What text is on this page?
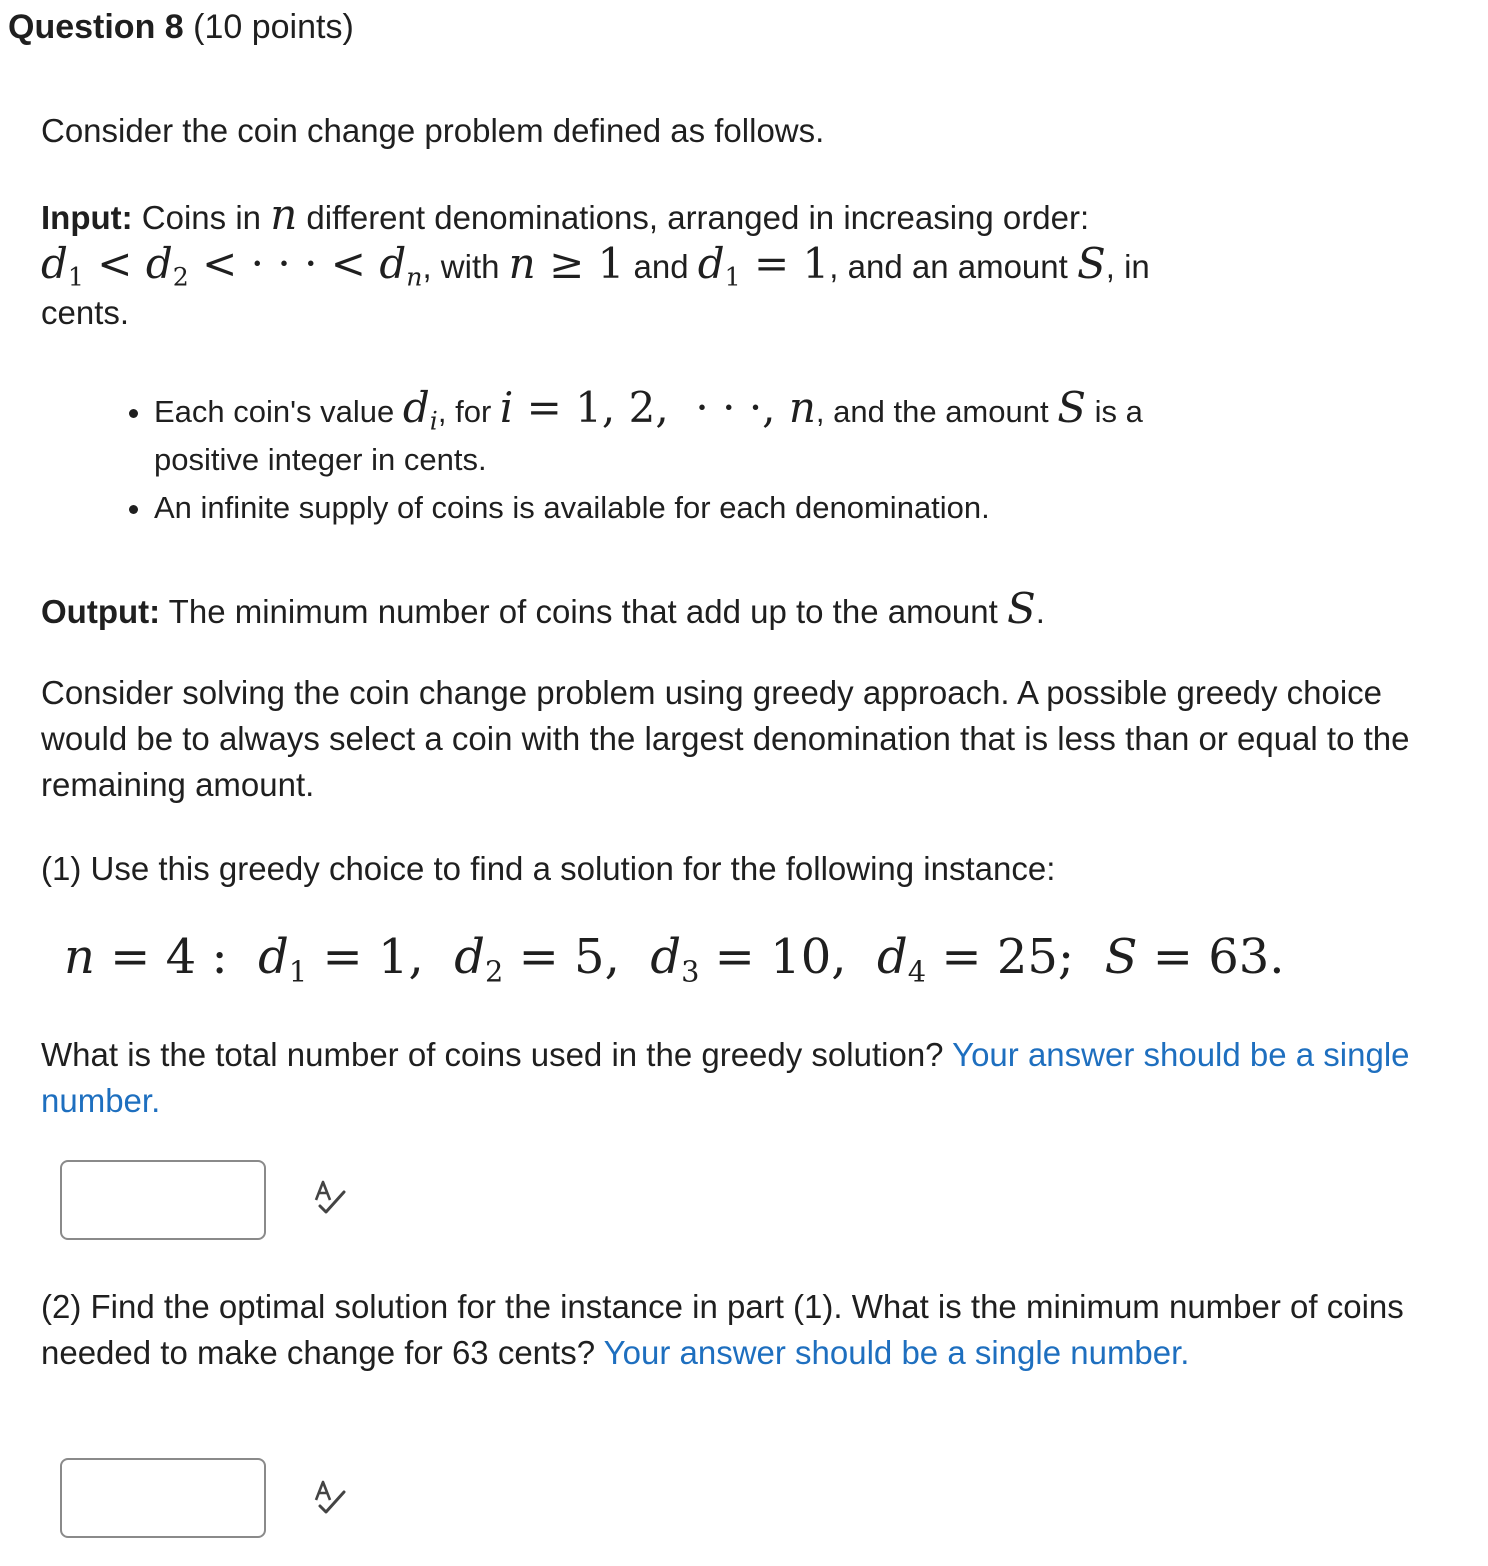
Question 8 (10 points)
Consider the coin change problem defined as follows.
Input: Coins in n different denominations, arranged in increasing order:
$d_1 < d_2$ < · · · < $d_n$, with n ≥ 1 and $d_1 = 1$, and an amount S, in
cents.
• Each coin's value $d_i$, for i = 1, 2,  · · ·, n, and the amount S is a
positive integer in cents.
• An infinite supply of coins is available for each denomination.
Output: The minimum number of coins that add up to the amount S.
Consider solving the coin change problem using greedy approach. A possible greedy choice would be to always select a coin with the largest denomination that is less than or equal to the remaining amount.
(1) Use this greedy choice to find a solution for the following instance:
n = 4 :  $d_1 = 1$,  $d_2 = 5$,  $d_3 = 10$,  $d_4 = 25$;  S = 63.
What is the total number of coins used in the greedy solution? Your answer should be a single number.
(2) Find the optimal solution for the instance in part (1). What is the minimum number of coins needed to make change for 63 cents? Your answer should be a single number.
